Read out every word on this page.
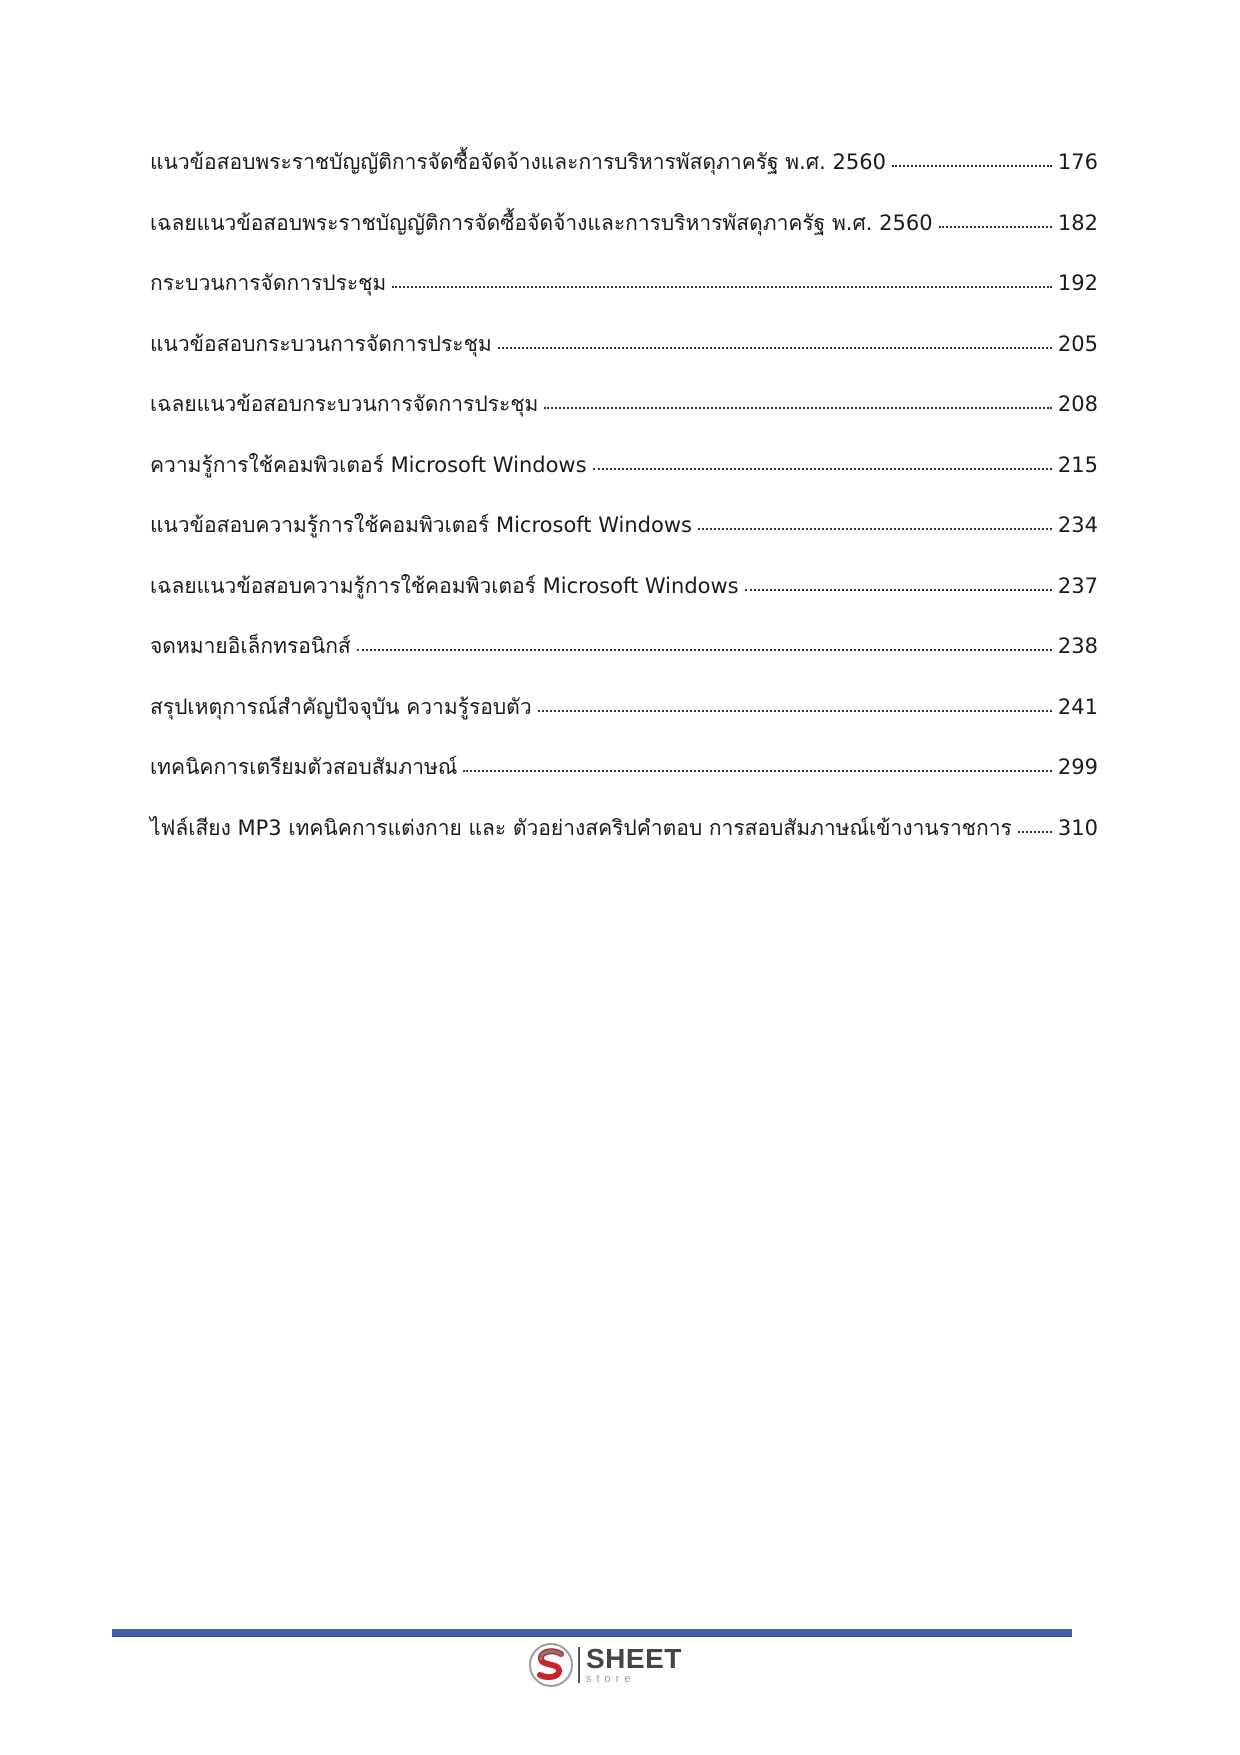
แนวข้อสอบพระราชบัญญัติการจัดซื้อจัดจ้างและการบริหารพัสดุภาครัฐ พ.ศ. 2560	176
เฉลยแนวข้อสอบพระราชบัญญัติการจัดซื้อจัดจ้างและการบริหารพัสดุภาครัฐ พ.ศ. 2560	182
กระบวนการจัดการประชุม	192
แนวข้อสอบกระบวนการจัดการประชุม	205
เฉลยแนวข้อสอบกระบวนการจัดการประชุม	208
ความรู้การใช้คอมพิวเตอร์ Microsoft Windows	215
แนวข้อสอบความรู้การใช้คอมพิวเตอร์ Microsoft Windows	234
เฉลยแนวข้อสอบความรู้การใช้คอมพิวเตอร์ Microsoft Windows	237
จดหมายอิเล็กทรอนิกส์	238
สรุปเหตุการณ์สำคัญปัจจุบัน ความรู้รอบตัว	241
เทคนิคการเตรียมตัวสอบสัมภาษณ์	299
ไฟล์เสียง MP3 เทคนิคการแต่งกาย และ ตัวอย่างสคริปคำตอบ การสอบสัมภาษณ์เข้างานราชการ 310
SHEET
store
